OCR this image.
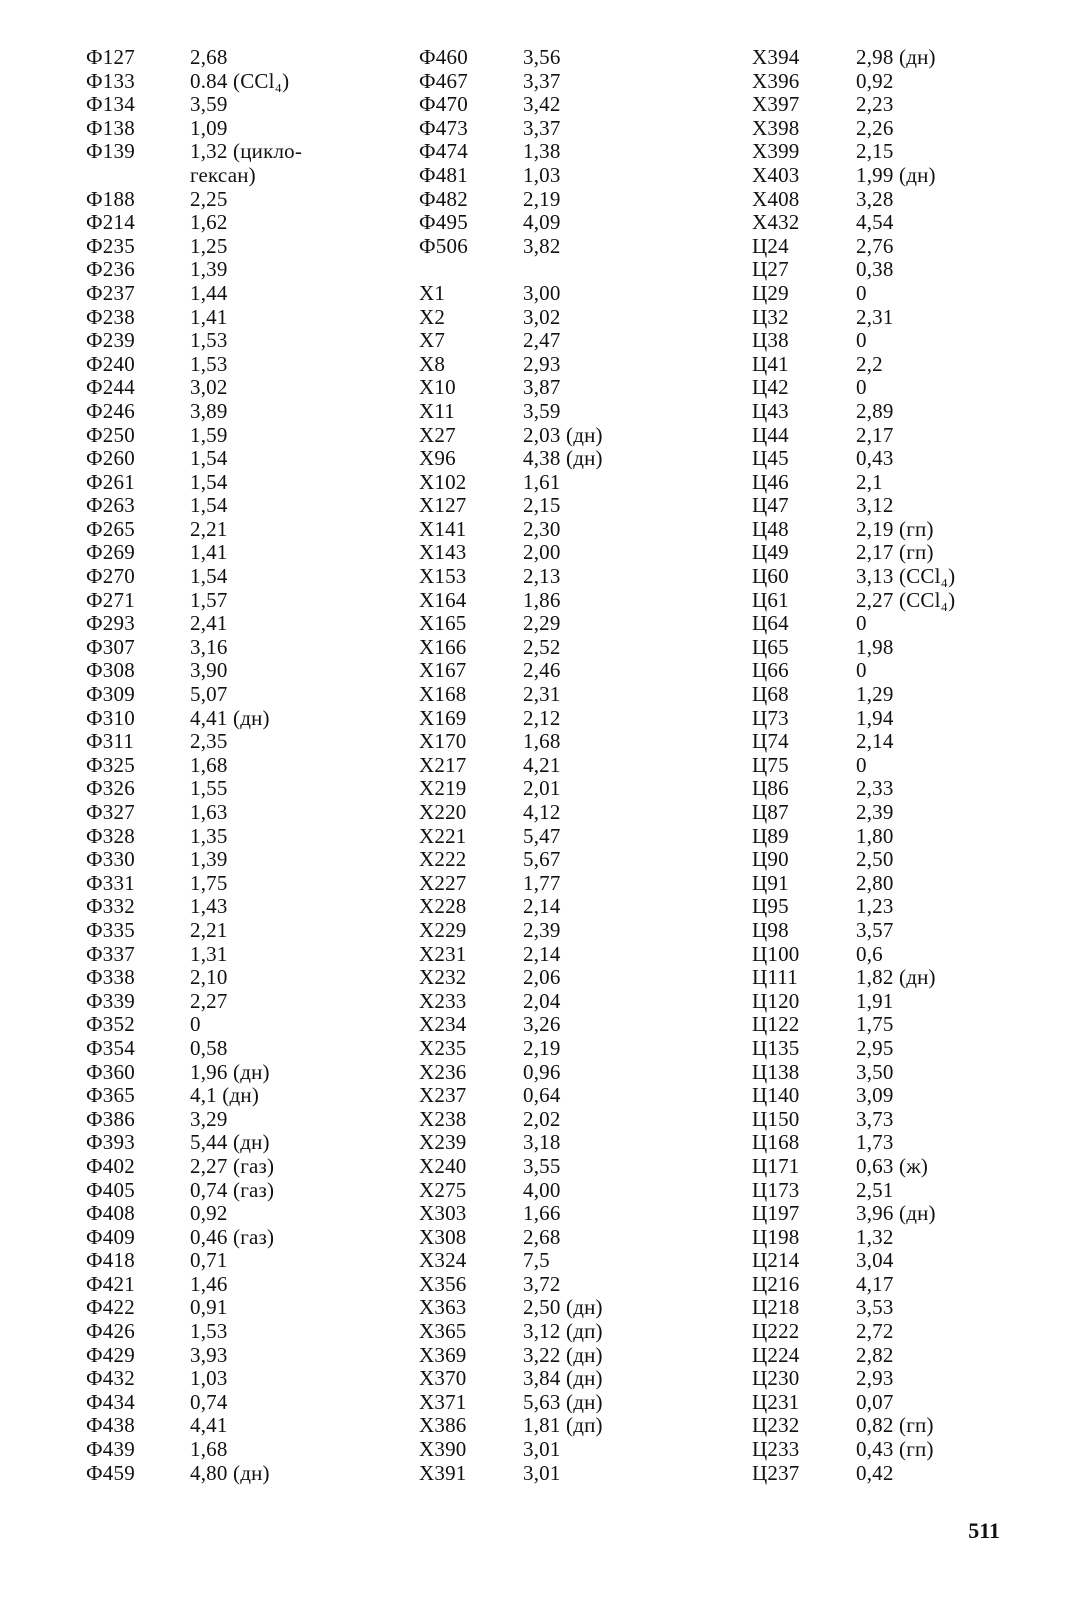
Ф127	2,68
Ф133	0.84 (CCl₄)
Ф134	3,59
Ф138	1,09
Ф139	1,32 (цикло-
гексан)
Ф188	2,25
Ф214	1,62
Ф235	1,25
Ф236	1,39
Ф237	1,44
Ф238	1,41
Ф239	1,53
Ф240	1,53
Ф244	3,02
Ф246	3,89
Ф250	1,59
Ф260	1,54
Ф261	1,54
Ф263	1,54
Ф265	2,21
Ф269	1,41
Ф270	1,54
Ф271	1,57
Ф293	2,41
Ф307	3,16
Ф308	3,90
Ф309	5,07
Ф310	4,41 (дн)
Ф311	2,35
Ф325	1,68
Ф326	1,55
Ф327	1,63
Ф328	1,35
Ф330	1,39
Ф331	1,75
Ф332	1,43
Ф335	2,21
Ф337	1,31
Ф338	2,10
Ф339	2,27
Ф352	0
Ф354	0,58
Ф360	1,96 (дн)
Ф365	4,1 (дн)
Ф386	3,29
Ф393	5,44 (дн)
Ф402	2,27 (газ)
Ф405	0,74 (газ)
Ф408	0,92
Ф409	0,46 (газ)
Ф418	0,71
Ф421	1,46
Ф422	0,91
Ф426	1,53
Ф429	3,93
Ф432	1,03
Ф434	0,74
Ф438	4,41
Ф439	1,68
Ф459	4,80 (дн)
Ф460	3,56
Ф467	3,37
Ф470	3,42
Ф473	3,37
Ф474	1,38
Ф481	1,03
Ф482	2,19
Ф495	4,09
Ф506	3,82
X1	3,00
X2	3,02
X7	2,47
X8	2,93
X10	3,87
X11	3,59
X27	2,03 (дн)
X96	4,38 (дн)
X102	1,61
X127	2,15
X141	2,30
X143	2,00
X153	2,13
X164	1,86
X165	2,29
X166	2,52
X167	2,46
X168	2,31
X169	2,12
X170	1,68
X217	4,21
X219	2,01
X220	4,12
X221	5,47
X222	5,67
X227	1,77
X228	2,14
X229	2,39
X231	2,14
X232	2,06
X233	2,04
X234	3,26
X235	2,19
X236	0,96
X237	0,64
X238	2,02
X239	3,18
X240	3,55
X275	4,00
X303	1,66
X308	2,68
X324	7,5
X356	3,72
X363	2,50 (дн)
X365	3,12 (дп)
X369	3,22 (дн)
X370	3,84 (дн)
X371	5,63 (дн)
X386	1,81 (дп)
X390	3,01
X391	3,01
X394	2,98 (дн)
X396	0,92
X397	2,23
X398	2,26
X399	2,15
X403	1,99 (дн)
X408	3,28
X432	4,54
Ц24	2,76
Ц27	0,38
Ц29	0
Ц32	2,31
Ц38	0
Ц41	2,2
Ц42	0
Ц43	2,89
Ц44	2,17
Ц45	0,43
Ц46	2,1
Ц47	3,12
Ц48	2,19 (гп)
Ц49	2,17 (гп)
Ц60	3,13 (CCl₄)
Ц61	2,27 (CCl₄)
Ц64	0
Ц65	1,98
Ц66	0
Ц68	1,29
Ц73	1,94
Ц74	2,14
Ц75	0
Ц86	2,33
Ц87	2,39
Ц89	1,80
Ц90	2,50
Ц91	2,80
Ц95	1,23
Ц98	3,57
Ц100	0,6
Ц111	1,82 (дн)
Ц120	1,91
Ц122	1,75
Ц135	2,95
Ц138	3,50
Ц140	3,09
Ц150	3,73
Ц168	1,73
Ц171	0,63 (ж)
Ц173	2,51
Ц197	3,96 (дн)
Ц198	1,32
Ц214	3,04
Ц216	4,17
Ц218	3,53
Ц222	2,72
Ц224	2,82
Ц230	2,93
Ц231	0,07
Ц232	0,82 (гп)
Ц233	0,43 (гп)
Ц237	0,42
511
